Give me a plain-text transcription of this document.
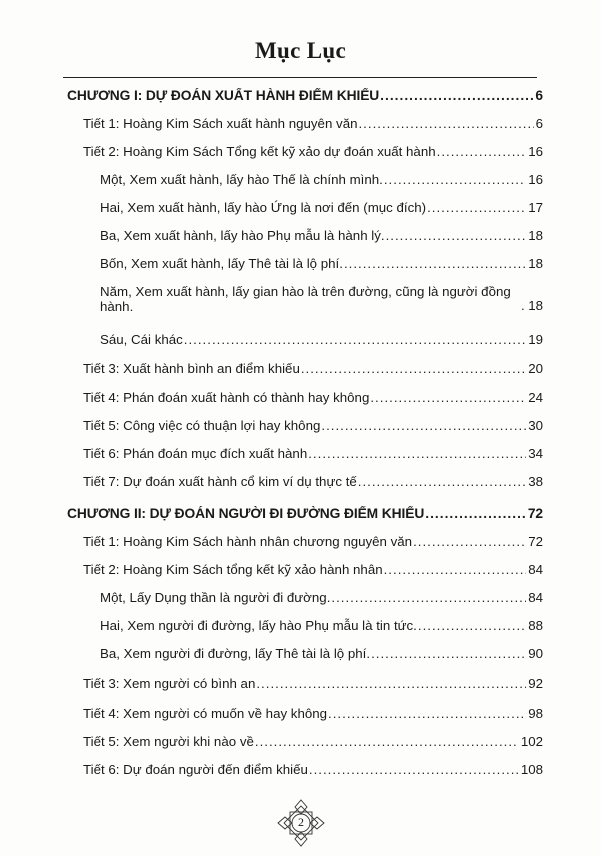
Mục Lục
CHƯƠNG I: DỰ ĐOÁN XUẤT HÀNH ĐIỂM KHIẾU .....	6
Tiết 1: Hoàng Kim Sách xuất hành nguyên văn .....	6
Tiết 2: Hoàng Kim Sách Tổng kết kỹ xảo dự đoán xuất hành .....	16
Một, Xem xuất hành, lấy hào Thế là chính mình. .....	16
Hai, Xem xuất hành, lấy hào Ứng là nơi đến (mục đích) .....	17
Ba, Xem xuất hành, lấy hào Phụ mẫu là hành lý. .....	18
Bốn, Xem xuất hành, lấy Thê tài là lộ phí. .....	18
Năm, Xem xuất hành, lấy gian hào là trên đường, cũng là người đồng hành. .....	18
Sáu, Cái khác .....	19
Tiết 3: Xuất hành bình an điểm khiếu .....	20
Tiết 4: Phán đoán xuất hành có thành hay không .....	24
Tiết 5: Công việc có thuận lợi hay không .....	30
Tiết 6: Phán đoán mục đích xuất hành .....	34
Tiết 7: Dự đoán xuất hành cổ kim ví dụ thực tế .....	38
CHƯƠNG II: DỰ ĐOÁN NGƯỜI ĐI ĐƯỜNG ĐIỂM KHIẾU .....	72
Tiết 1: Hoàng Kim Sách hành nhân chương nguyên văn .....	72
Tiết 2: Hoàng Kim Sách tổng kết kỹ xảo hành nhân .....	84
Một, Lấy Dụng thần là người đi đường. .....	84
Hai, Xem người đi đường, lấy hào Phụ mẫu là tin tức. .....	88
Ba, Xem người đi đường, lấy Thê tài là lộ phí. .....	90
Tiết 3: Xem người có bình an .....	92
Tiết 4: Xem người có muốn về hay không .....	98
Tiết 5: Xem người khi nào về .....	102
Tiết 6: Dự đoán người đến điểm khiếu .....	108
2
